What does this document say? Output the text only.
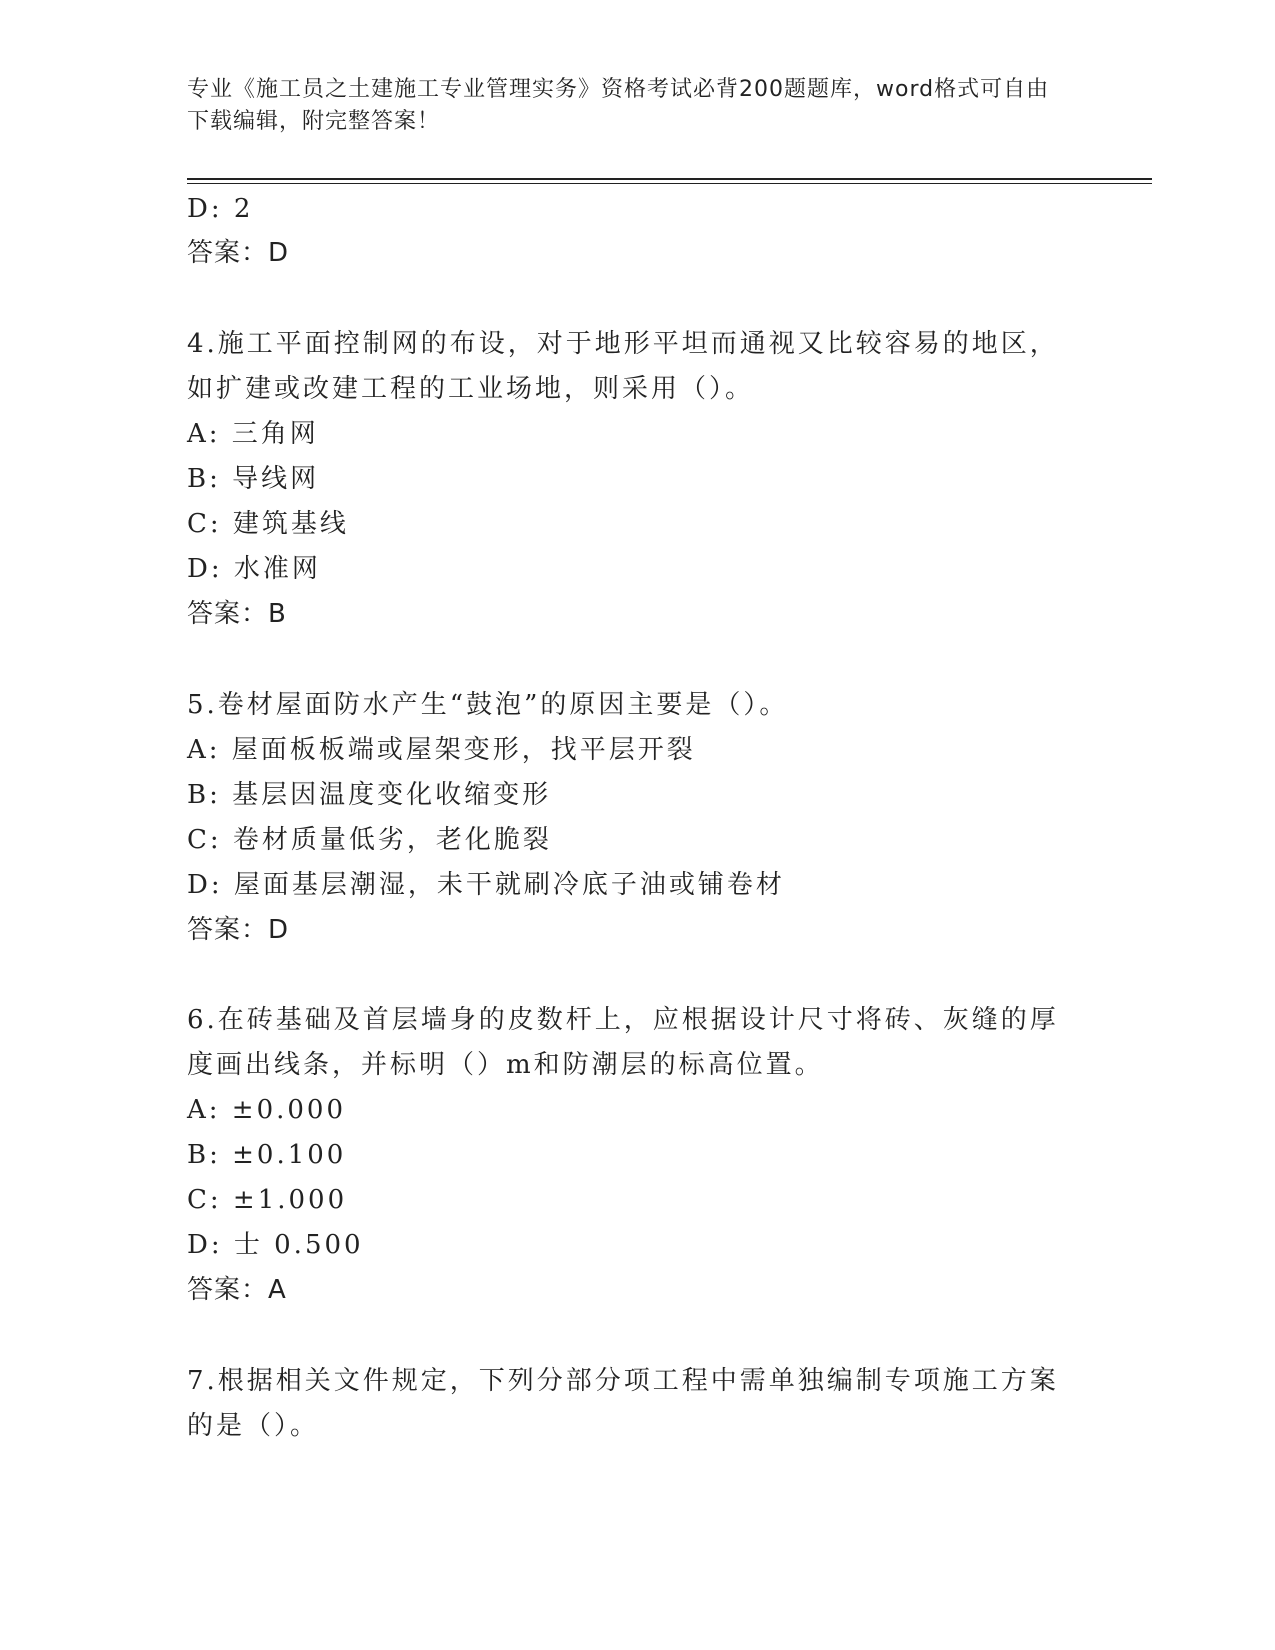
专业《施工员之土建施工专业管理实务》资格考试必背200题题库，word格式可自由下载编辑，附完整答案！
D: 2
答案：D
4.施工平面控制网的布设，对于地形平坦而通视又比较容易的地区，
如扩建或改建工程的工业场地，则采用（）。
A: 三角网
B: 导线网
C: 建筑基线
D: 水准网
答案：B
5.卷材屋面防水产生“鼓泡”的原因主要是（）。
A: 屋面板板端或屋架变形，找平层开裂
B: 基层因温度变化收缩变形
C: 卷材质量低劣，老化脆裂
D: 屋面基层潮湿，未干就刷冷底子油或铺卷材
答案：D
6.在砖基础及首层墙身的皮数杆上，应根据设计尺寸将砖、灰缝的厚
度画出线条，并标明（）m和防潮层的标高位置。
A: ±0.000
B: ±0.100
C: ±1.000
D: 士 0.500
答案：A
7.根据相关文件规定，下列分部分项工程中需单独编制专项施工方案
的是（）。
